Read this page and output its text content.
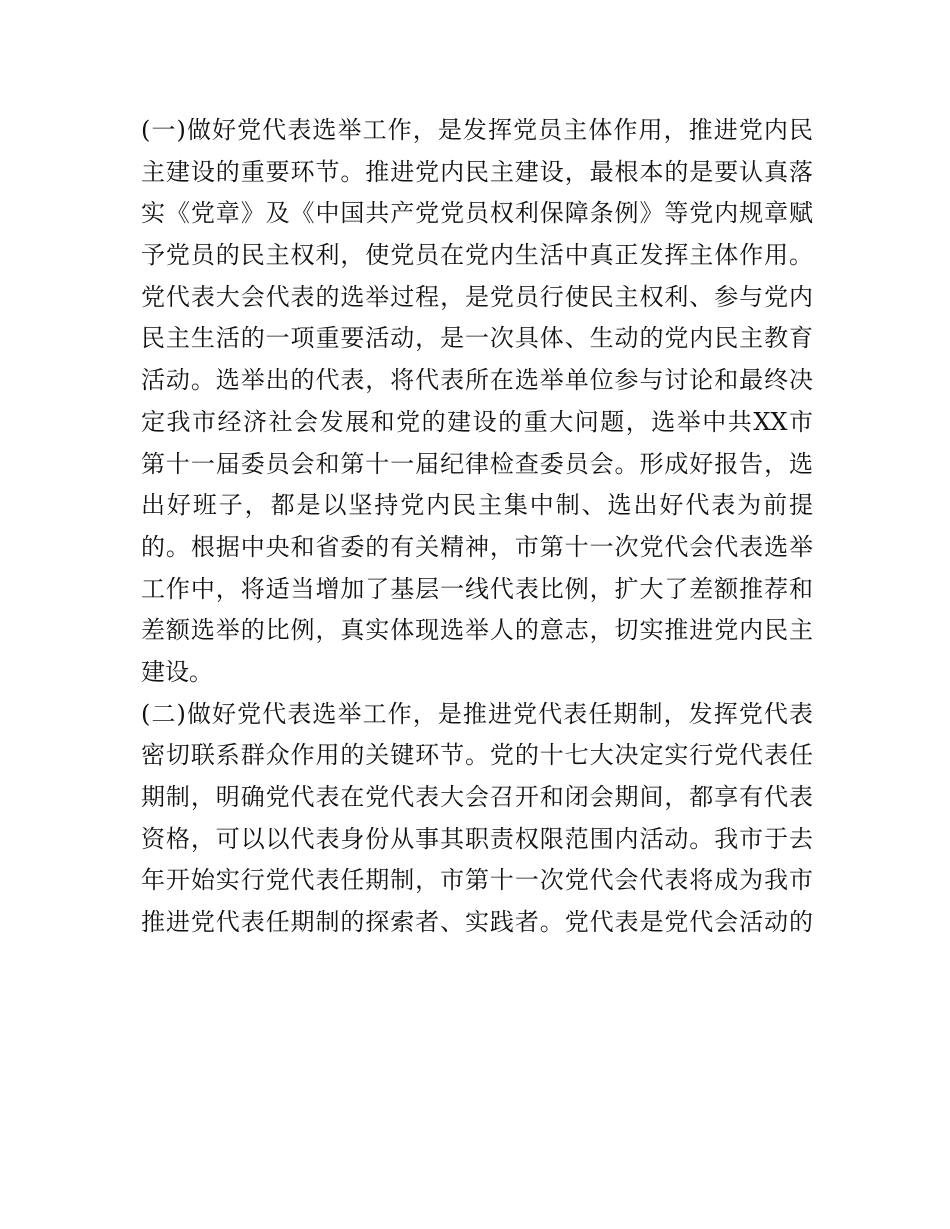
(一)做好党代表选举工作，是发挥党员主体作用，推进党内民
主建设的重要环节。推进党内民主建设，最根本的是要认真落
实《党章》及《中国共产党党员权利保障条例》等党内规章赋
予党员的民主权利，使党员在党内生活中真正发挥主体作用。
党代表大会代表的选举过程，是党员行使民主权利、参与党内
民主生活的一项重要活动，是一次具体、生动的党内民主教育
活动。选举出的代表，将代表所在选举单位参与讨论和最终决
定我市经济社会发展和党的建设的重大问题，选举中共XX市
第十一届委员会和第十一届纪律检查委员会。形成好报告，选
出好班子，都是以坚持党内民主集中制、选出好代表为前提
的。根据中央和省委的有关精神，市第十一次党代会代表选举
工作中，将适当增加了基层一线代表比例，扩大了差额推荐和
差额选举的比例，真实体现选举人的意志，切实推进党内民主
建设。
(二)做好党代表选举工作，是推进党代表任期制，发挥党代表
密切联系群众作用的关键环节。党的十七大决定实行党代表任
期制，明确党代表在党代表大会召开和闭会期间，都享有代表
资格，可以以代表身份从事其职责权限范围内活动。我市于去
年开始实行党代表任期制，市第十一次党代会代表将成为我市
推进党代表任期制的探索者、实践者。党代表是党代会活动的
